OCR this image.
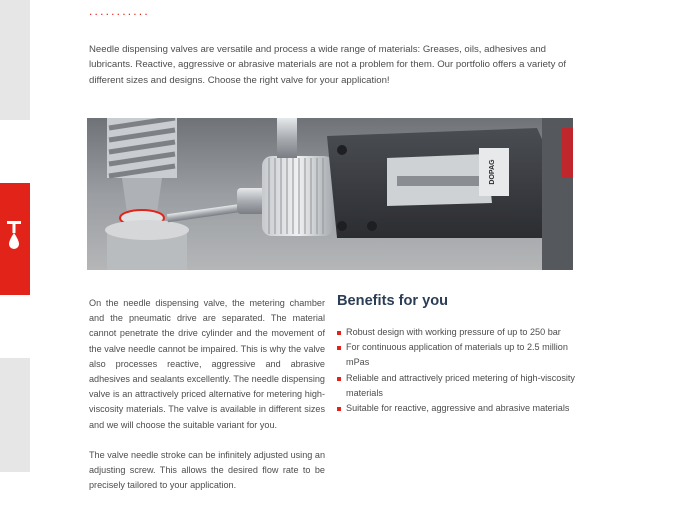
...........

Needle dispensing valves are versatile and process a wide range of materials: Greases, oils, adhesives and lubricants. Reactive, aggressive or abrasive materials are not a problem for them. Our portfolio offers a variety of different sizes and designs. Choose the right valve for your application!

DOPAG

On the needle dispensing valve, the metering chamber and the pneumatic drive are separated. The material cannot penetrate the drive cylinder and the movement of the valve needle cannot be impaired. This is why the valve also processes reactive, aggressive and abrasive adhesives and sealants excellently. The needle dispensing valve is an attractively priced alternative for metering high-viscosity materials. The valve is available in different sizes and we will choose the suitable variant for you.

The valve needle stroke can be infinitely adjusted using an adjusting screw. This allows the desired flow rate to be precisely tailored to your application.

Benefits for you
Robust design with working pressure of up to 250 bar
For continuous application of materials up to 2.5 million mPas
Reliable and attractively priced metering of high-viscosity materials
Suitable for reactive, aggressive and abrasive materials
